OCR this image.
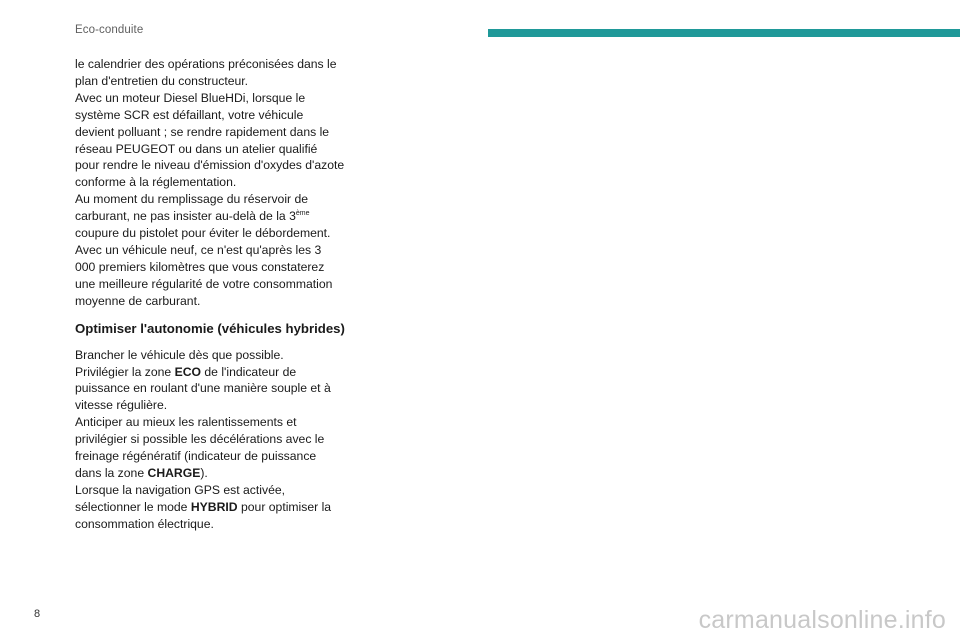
Eco-conduite

le calendrier des opérations préconisées dans le plan d'entretien du constructeur.

Avec un moteur Diesel BlueHDi, lorsque le système SCR est défaillant, votre véhicule devient polluant ; se rendre rapidement dans le réseau PEUGEOT ou dans un atelier qualifié pour rendre le niveau d'émission d'oxydes d'azote conforme à la réglementation.

Au moment du remplissage du réservoir de carburant, ne pas insister au-delà de la 3ème coupure du pistolet pour éviter le débordement.

Avec un véhicule neuf, ce n'est qu'après les 3 000 premiers kilomètres que vous constaterez une meilleure régularité de votre consommation moyenne de carburant.

Optimiser l'autonomie (véhicules hybrides)

Brancher le véhicule dès que possible.

Privilégier la zone ECO de l'indicateur de puissance en roulant d'une manière souple et à vitesse régulière.

Anticiper au mieux les ralentissements et privilégier si possible les décélérations avec le freinage régénératif (indicateur de puissance dans la zone CHARGE).

Lorsque la navigation GPS est activée, sélectionner le mode HYBRID pour optimiser la consommation électrique.

8	carmanualsonline.info
